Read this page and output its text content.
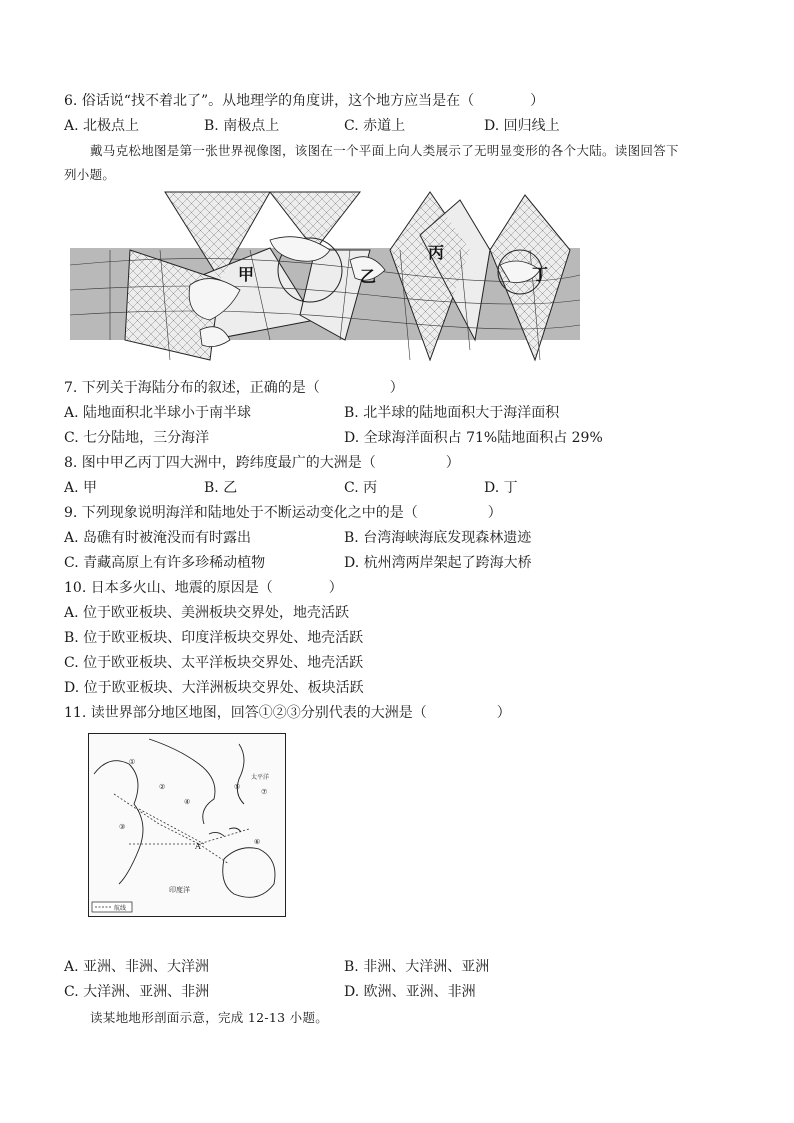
6. 俗话说“找不着北了”。从地理学的角度讲，这个地方应当是在（　　　　）
A. 北极点上	B. 南极点上	C. 赤道上	D. 回归线上
戴马克松地图是第一张世界视像图，该图在一个平面上向人类展示了无明显变形的各个大陆。读图回答下
列小题。
甲	乙
丙
丁
7. 下列关于海陆分布的叙述，正确的是（　　　　　）
A. 陆地面积北半球小于南半球	B. 北半球的陆地面积大于海洋面积
C. 七分陆地，三分海洋	D. 全球海洋面积占 71%陆地面积占 29%
8. 图中甲乙丙丁四大洲中，跨纬度最广的大洲是（　　　　　）
A. 甲	B. 乙	C. 丙	D. 丁
9. 下列现象说明海洋和陆地处于不断运动变化之中的是（　　　　　）
A. 岛礁有时被淹没而有时露出	B. 台湾海峡海底发现森林遗迹
C. 青藏高原上有许多珍稀动植物	D. 杭州湾两岸架起了跨海大桥
10. 日本多火山、地震的原因是（　　　　）
A. 位于欧亚板块、美洲板块交界处，地壳活跃
B. 位于欧亚板块、印度洋板块交界处、地壳活跃
C. 位于欧亚板块、太平洋板块交界处、地壳活跃
D. 位于欧亚板块、大洋洲板块交界处、板块活跃
11. 读世界部分地区地图，回答①②③分别代表的大洲是（　　　　　）
①
②
③
④
⑤
⑥
⑦
A
太平洋
印度洋
航线
A. 亚洲、非洲、大洋洲	B. 非洲、大洋洲、亚洲
C. 大洋洲、亚洲、非洲	D. 欧洲、亚洲、非洲
读某地地形剖面示意，完成 12-13 小题。
